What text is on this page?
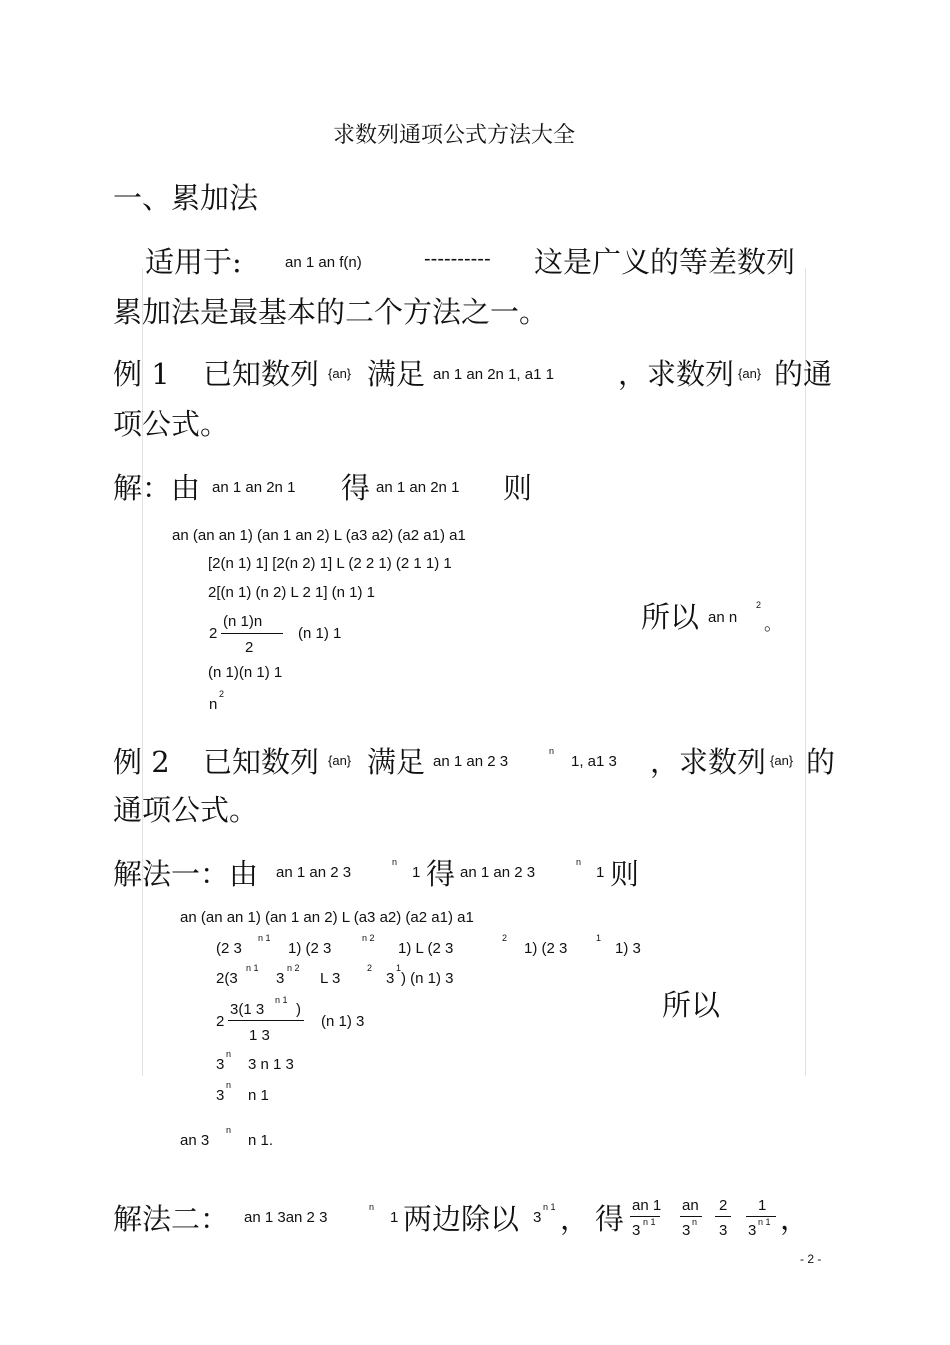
求数列通项公式方法大全
一、累加法
适用于:	an 1 an f(n)	---------- 这是广义的等差数列
累加法是最基本的二个方法之一。
例 1 已知数列 {an} 满足 an 1 an 2n 1, a1 1 ，求数列 {an} 的通
项公式。
解：由 an 1 an 2n 1 得 an 1 an 2n 1 则
an (an an 1) (an 1 an 2) L (a3 a2) (a2 a1) a1
[2(n 1) 1] [2(n 2) 1] L (2 2 1) (2 1 1) 1
2[(n 1) (n 2) L 2 1] (n 1) 1
2
(n 1)n
2
(n 1) 1
(n 1)(n 1) 1
n
2
所以 an n
2
。
例 2 已知数列 {an} 满足 an 1 an 2 3
n
1, a1 3 ，求数列 {an} 的
通项公式。
解法一：由 an 1 an 2 3
n
1 得 an 1 an 2 3
n
1 则
an (an an 1) (an 1 an 2) L (a3 a2) (a2 a1) a1
(2 3
n 1
1) (2 3
n 2
1) L (2 3
2
1) (2 3
1
1) 3
2(3
n 1
3
n 2
L 3
2
3
1
) (n 1) 3
2
3(1 3
n 1
)
1 3
(n 1) 3
3
n
3 n 1 3
3
n
n 1
an 3
n
n 1.
所以
解法二： an 1 3an 2 3
n
1 两边除以 3
n 1 ， 得 an 1
3 n 1
an
3 n
2
3
1
3 n 1 ，
- 2 -
